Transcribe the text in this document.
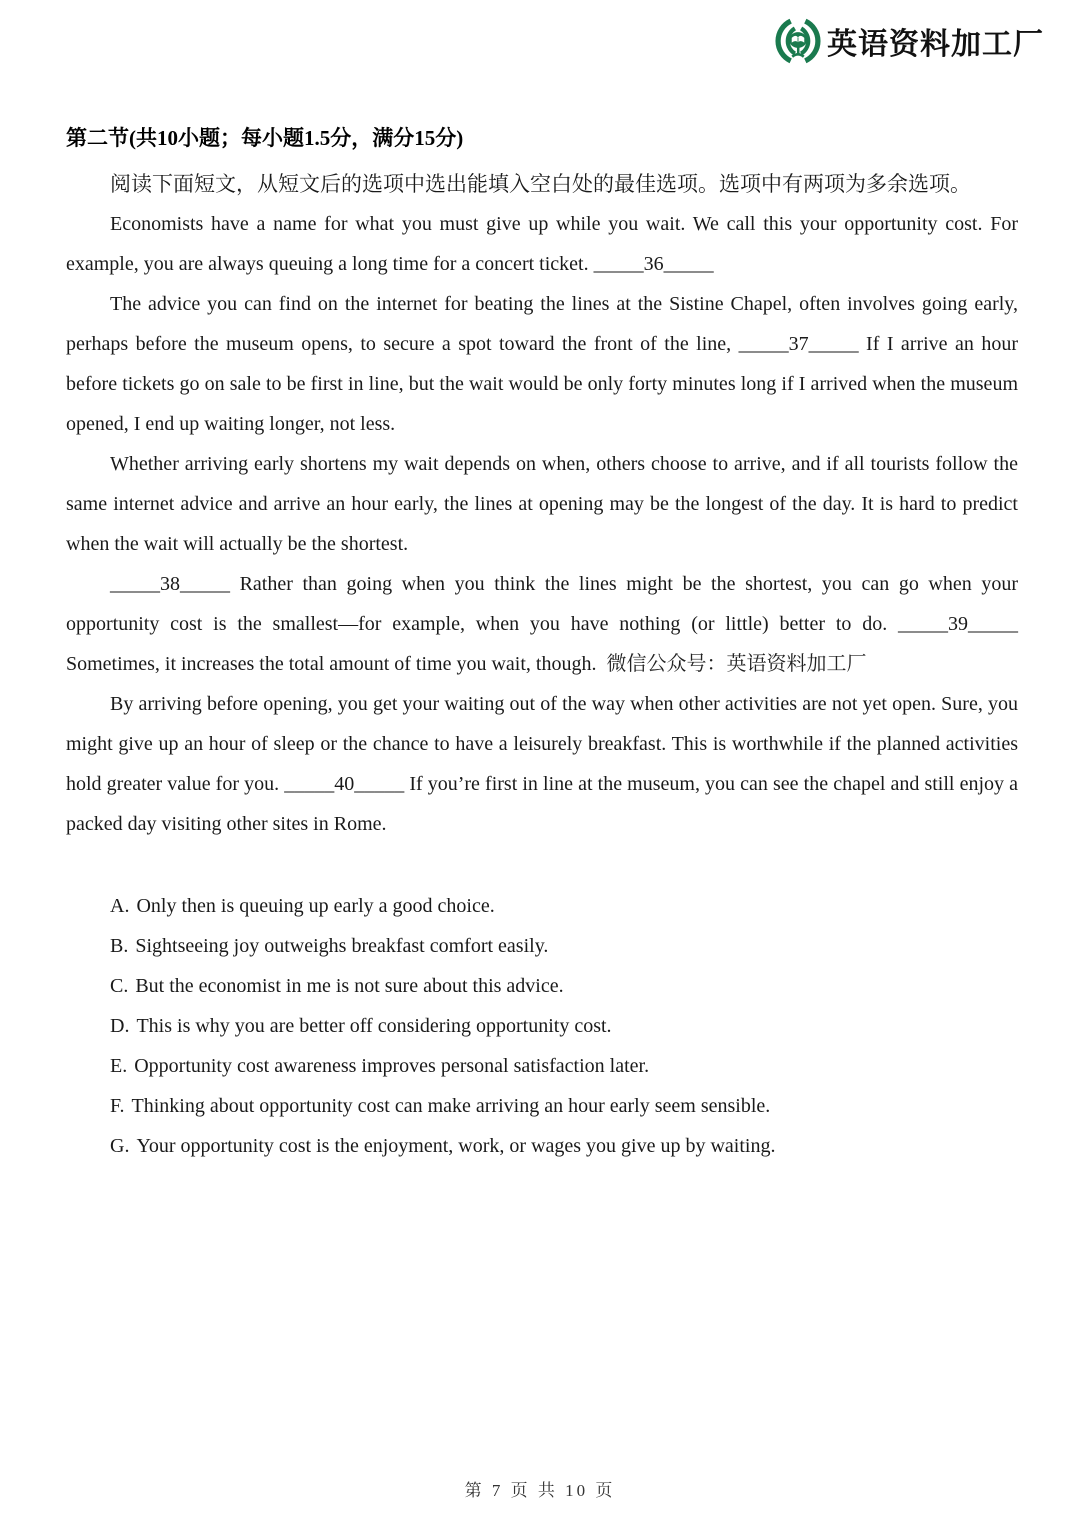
英语资料加工厂

第二节(共10小题；每小题1.5分，满分15分)

阅读下面短文，从短文后的选项中选出能填入空白处的最佳选项。选项中有两项为多余选项。

Economists have a name for what you must give up while you wait. We call this your opportunity cost. For example, you are always queuing a long time for a concert ticket. _____36_____

The advice you can find on the internet for beating the lines at the Sistine Chapel, often involves going early, perhaps before the museum opens, to secure a spot toward the front of the line, _____37_____ If I arrive an hour before tickets go on sale to be first in line, but the wait would be only forty minutes long if I arrived when the museum opened, I end up waiting longer, not less.

Whether arriving early shortens my wait depends on when, others choose to arrive, and if all tourists follow the same internet advice and arrive an hour early, the lines at opening may be the longest of the day. It is hard to predict when the wait will actually be the shortest.

_____38_____ Rather than going when you think the lines might be the shortest, you can go when your opportunity cost is the smallest—for example, when you have nothing (or little) better to do. _____39_____ Sometimes, it increases the total amount of time you wait, though. 微信公众号：英语资料加工厂

By arriving before opening, you get your waiting out of the way when other activities are not yet open. Sure, you might give up an hour of sleep or the chance to have a leisurely breakfast. This is worthwhile if the planned activities hold greater value for you. _____40_____ If you’re first in line at the museum, you can see the chapel and still enjoy a packed day visiting other sites in Rome.

A. Only then is queuing up early a good choice.

B. Sightseeing joy outweighs breakfast comfort easily.

C. But the economist in me is not sure about this advice.

D. This is why you are better off considering opportunity cost.

E. Opportunity cost awareness improves personal satisfaction later.

F. Thinking about opportunity cost can make arriving an hour early seem sensible.

G. Your opportunity cost is the enjoyment, work, or wages you give up by waiting.

第 7 页 共 10 页
